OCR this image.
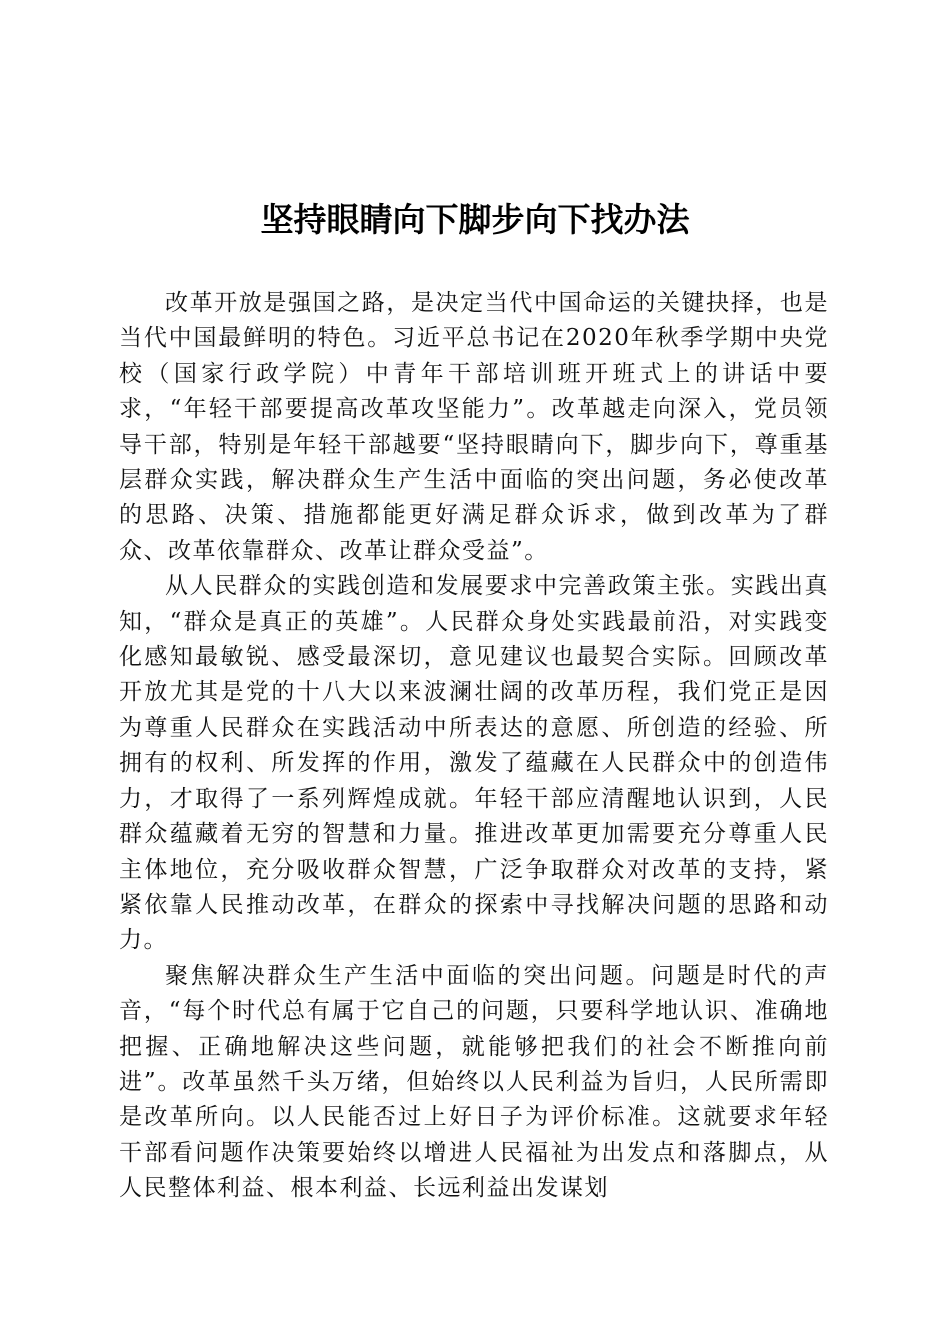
坚持眼睛向下脚步向下找办法

改革开放是强国之路，是决定当代中国命运的关键抉择，也是当代中国最鲜明的特色。习近平总书记在2020年秋季学期中央党校（国家行政学院）中青年干部培训班开班式上的讲话中要求，“年轻干部要提高改革攻坚能力”。改革越走向深入，党员领导干部，特别是年轻干部越要“坚持眼睛向下，脚步向下，尊重基层群众实践，解决群众生产生活中面临的突出问题，务必使改革的思路、决策、措施都能更好满足群众诉求，做到改革为了群众、改革依靠群众、改革让群众受益”。

从人民群众的实践创造和发展要求中完善政策主张。实践出真知，“群众是真正的英雄”。人民群众身处实践最前沿，对实践变化感知最敏锐、感受最深切，意见建议也最契合实际。回顾改革开放尤其是党的十八大以来波澜壮阔的改革历程，我们党正是因为尊重人民群众在实践活动中所表达的意愿、所创造的经验、所拥有的权利、所发挥的作用，激发了蕴藏在人民群众中的创造伟力，才取得了一系列辉煌成就。年轻干部应清醒地认识到，人民群众蕴藏着无穷的智慧和力量。推进改革更加需要充分尊重人民主体地位，充分吸收群众智慧，广泛争取群众对改革的支持，紧紧依靠人民推动改革，在群众的探索中寻找解决问题的思路和动力。

聚焦解决群众生产生活中面临的突出问题。问题是时代的声音，“每个时代总有属于它自己的问题，只要科学地认识、准确地把握、正确地解决这些问题，就能够把我们的社会不断推向前进”。改革虽然千头万绪，但始终以人民利益为旨归，人民所需即是改革所向。以人民能否过上好日子为评价标准。这就要求年轻干部看问题作决策要始终以增进人民福祉为出发点和落脚点，从人民整体利益、根本利益、长远利益出发谋划
